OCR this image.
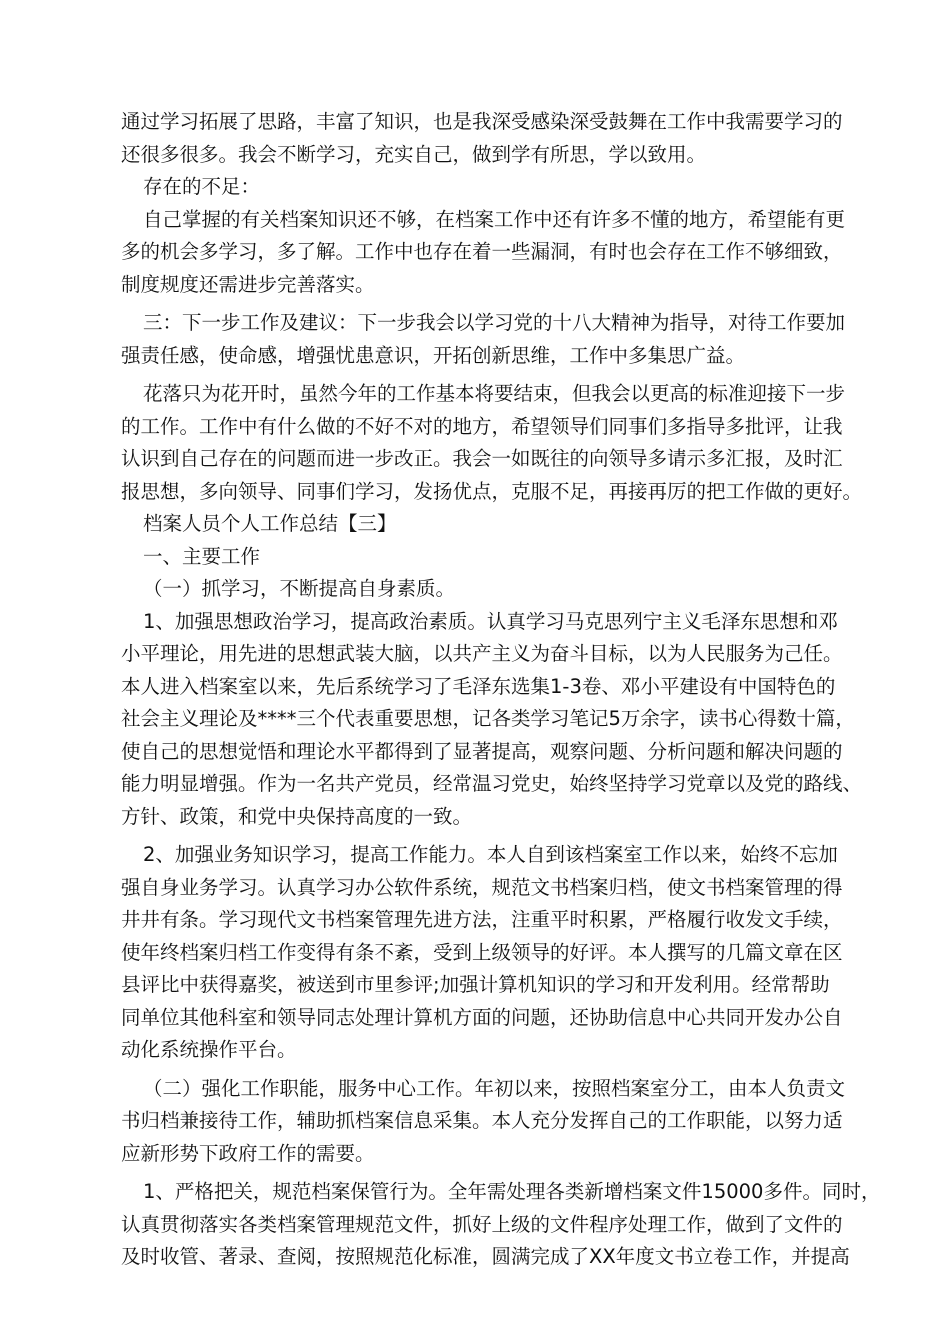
通过学习拓展了思路，丰富了知识，也是我深受感染深受鼓舞在工作中我需要学习的
还很多很多。我会不断学习，充实自己，做到学有所思，学以致用。
存在的不足：
自己掌握的有关档案知识还不够，在档案工作中还有许多不懂的地方，希望能有更
多的机会多学习，多了解。工作中也存在着一些漏洞，有时也会存在工作不够细致，
制度规度还需进步完善落实。
三：下一步工作及建议：下一步我会以学习党的十八大精神为指导，对待工作要加
强责任感，使命感，增强忧患意识，开拓创新思维，工作中多集思广益。
花落只为花开时，虽然今年的工作基本将要结束，但我会以更高的标准迎接下一步
的工作。工作中有什么做的不好不对的地方，希望领导们同事们多指导多批评，让我
认识到自己存在的问题而进一步改正。我会一如既往的向领导多请示多汇报，及时汇
报思想，多向领导、同事们学习，发扬优点，克服不足，再接再厉的把工作做的更好。
档案人员个人工作总结【三】
一、主要工作
（一）抓学习，不断提高自身素质。
1、加强思想政治学习，提高政治素质。认真学习马克思列宁主义毛泽东思想和邓
小平理论，用先进的思想武装大脑，以共产主义为奋斗目标，以为人民服务为己任。
本人进入档案室以来，先后系统学习了毛泽东选集1-3卷、邓小平建设有中国特色的
社会主义理论及****三个代表重要思想，记各类学习笔记5万余字，读书心得数十篇，
使自己的思想觉悟和理论水平都得到了显著提高，观察问题、分析问题和解决问题的
能力明显增强。作为一名共产党员，经常温习党史，始终坚持学习党章以及党的路线、
方针、政策，和党中央保持高度的一致。
2、加强业务知识学习，提高工作能力。本人自到该档案室工作以来，始终不忘加
强自身业务学习。认真学习办公软件系统，规范文书档案归档，使文书档案管理的得
井井有条。学习现代文书档案管理先进方法，注重平时积累，严格履行收发文手续，
使年终档案归档工作变得有条不紊，受到上级领导的好评。本人撰写的几篇文章在区
县评比中获得嘉奖，被送到市里参评;加强计算机知识的学习和开发利用。经常帮助
同单位其他科室和领导同志处理计算机方面的问题，还协助信息中心共同开发办公自
动化系统操作平台。
（二）强化工作职能，服务中心工作。年初以来，按照档案室分工，由本人负责文
书归档兼接待工作，辅助抓档案信息采集。本人充分发挥自己的工作职能，以努力适
应新形势下政府工作的需要。
1、严格把关，规范档案保管行为。全年需处理各类新增档案文件15000多件。同时，
认真贯彻落实各类档案管理规范文件，抓好上级的文件程序处理工作，做到了文件的
及时收管、著录、查阅，按照规范化标准，圆满完成了XX年度文书立卷工作，并提高
